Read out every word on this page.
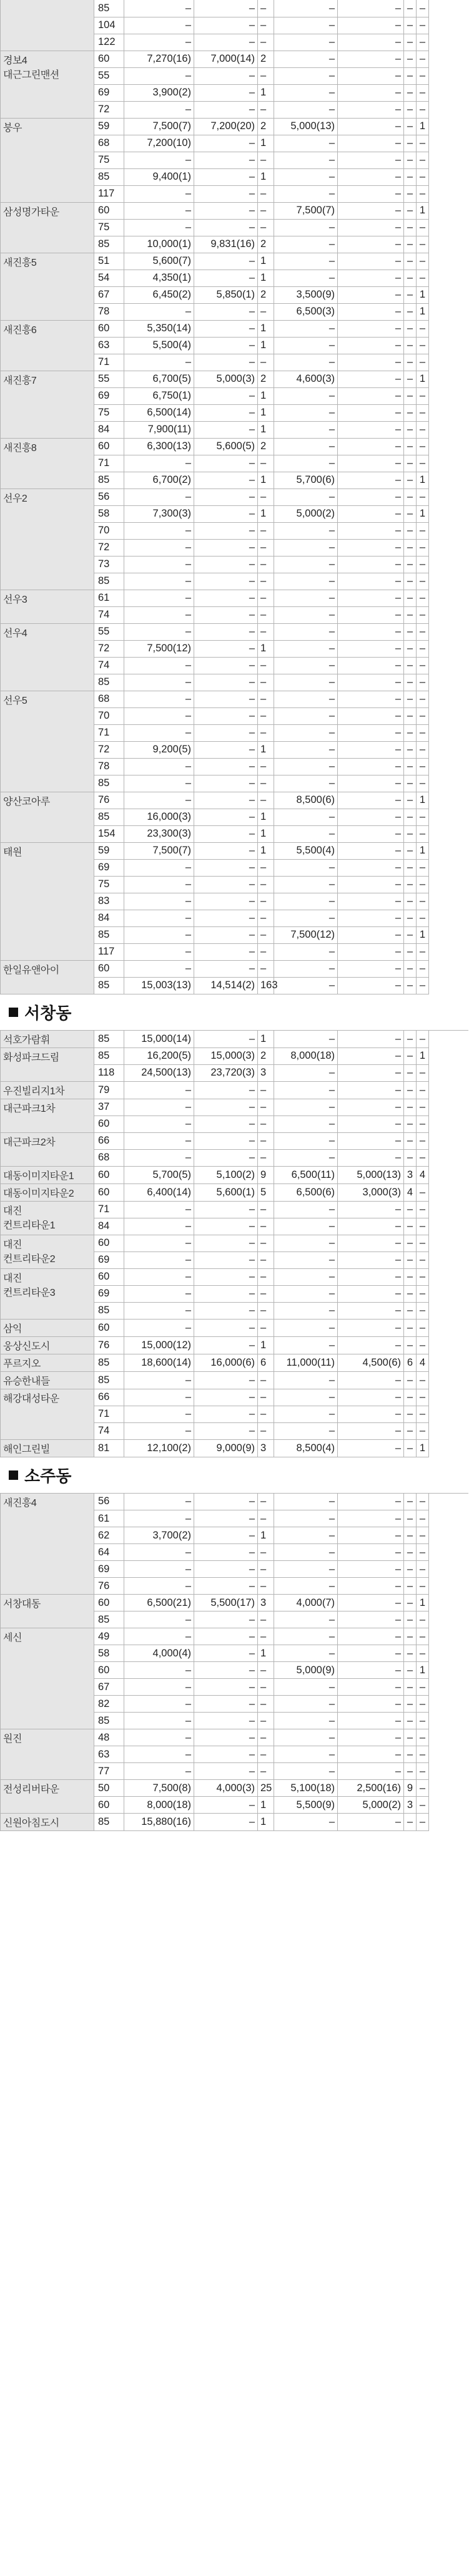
	85	–	–	–	–	–	–	–	
	104	–	–	–	–	–	–	–	
	122	–	–	–	–	–	–	–	

경보4
대근그린맨션	60	7,270(16)	7,000(14)	2	–	–	–	–	
	55	–	–	–	–	–	–	–	
	69	3,900(2)	–	1	–	–	–	–	
	72	–	–	–	–	–	–	–	

붕우	59	7,500(7)	7,200(20)	2	5,000(13)	–	–	1	
	68	7,200(10)	–	1	–	–	–	–	
	75	–	–	–	–	–	–	–	
	85	9,400(1)	–	1	–	–	–	–	
	117	–	–	–	–	–	–	–	

삼성명가타운	60	–	–	–	7,500(7)	–	–	1	
	75	–	–	–	–	–	–	–	
	85	10,000(1)	9,831(16)	2	–	–	–	–	

새진흥5	51	5,600(7)	–	1	–	–	–	–	
	54	4,350(1)	–	1	–	–	–	–	
	67	6,450(2)	5,850(1)	2	3,500(9)	–	–	1	
	78	–	–	–	6,500(3)	–	–	1	

새진흥6	60	5,350(14)	–	1	–	–	–	–	
	63	5,500(4)	–	1	–	–	–	–	
	71	–	–	–	–	–	–	–	

새진흥7	55	6,700(5)	5,000(3)	2	4,600(3)	–	–	1	
	69	6,750(1)	–	1	–	–	–	–	
	75	6,500(14)	–	1	–	–	–	–	
	84	7,900(11)	–	1	–	–	–	–	

새진흥8	60	6,300(13)	5,600(5)	2	–	–	–	–	
	71	–	–	–	–	–	–	–	
	85	6,700(2)	–	1	5,700(6)	–	–	1	

선우2	56	–	–	–	–	–	–	–	
	58	7,300(3)	–	1	5,000(2)	–	–	1	
	70	–	–	–	–	–	–	–	
	72	–	–	–	–	–	–	–	
	73	–	–	–	–	–	–	–	
	85	–	–	–	–	–	–	–	

선우3	61	–	–	–	–	–	–	–	
	74	–	–	–	–	–	–	–	

선우4	55	–	–	–	–	–	–	–	
	72	7,500(12)	–	1	–	–	–	–	
	74	–	–	–	–	–	–	–	
	85	–	–	–	–	–	–	–	

선우5	68	–	–	–	–	–	–	–	
	70	–	–	–	–	–	–	–	
	71	–	–	–	–	–	–	–	
	72	9,200(5)	–	1	–	–	–	–	
	78	–	–	–	–	–	–	–	
	85	–	–	–	–	–	–	–	

양산코아루	76	–	–	–	8,500(6)	–	–	1	
	85	16,000(3)	–	1	–	–	–	–	
	154	23,300(3)	–	1	–	–	–	–	

태원	59	7,500(7)	–	1	5,500(4)	–	–	1	
	69	–	–	–	–	–	–	–	
	75	–	–	–	–	–	–	–	
	83	–	–	–	–	–	–	–	
	84	–	–	–	–	–	–	–	
	85	–	–	–	7,500(12)	–	–	1	
	117	–	–	–	–	–	–	–	

한일유앤아이	60	–	–	–	–	–	–	–	
	85	15,003(13)	14,514(2)	163	–	–	–	–	
서창동
석호가람휘	85	15,000(14)	–	1	–	–	–	–	

화성파크드림	85	16,200(5)	15,000(3)	2	8,000(18)	–	–	1	
	118	24,500(13)	23,720(3)	3	–	–	–	–	

우진빌리지1차	79	–	–	–	–	–	–	–	

대근파크1차	37	–	–	–	–	–	–	–	
	60	–	–	–	–	–	–	–	

대근파크2차	66	–	–	–	–	–	–	–	
	68	–	–	–	–	–	–	–	

대동이미지타운1	60	5,700(5)	5,100(2)	9	6,500(11)	5,000(13)	3	4	

대동이미지타운2	60	6,400(14)	5,600(1)	5	6,500(6)	3,000(3)	4	–	

대진
컨트리타운1	71	–	–	–	–	–	–	–	
	84	–	–	–	–	–	–	–	

대진
컨트리타운2	60	–	–	–	–	–	–	–	
	69	–	–	–	–	–	–	–	

대진
컨트리타운3	60	–	–	–	–	–	–	–	
	69	–	–	–	–	–	–	–	
	85	–	–	–	–	–	–	–	

삼익	60	–	–	–	–	–	–	–	

웅상신도시	76	15,000(12)	–	1	–	–	–	–	

푸르지오	85	18,600(14)	16,000(6)	6	11,000(11)	4,500(6)	6	4	

유승한내들	85	–	–	–	–	–	–	–	

해강대성타운	66	–	–	–	–	–	–	–	
	71	–	–	–	–	–	–	–	
	74	–	–	–	–	–	–	–	

해인그린빌	81	12,100(2)	9,000(9)	3	8,500(4)	–	–	1	
소주동
새진흥4	56	–	–	–	–	–	–	–	
	61	–	–	–	–	–	–	–	
	62	3,700(2)	–	1	–	–	–	–	
	64	–	–	–	–	–	–	–	
	69	–	–	–	–	–	–	–	
	76	–	–	–	–	–	–	–	

서창대동	60	6,500(21)	5,500(17)	3	4,000(7)	–	–	1	
	85	–	–	–	–	–	–	–	

세신	49	–	–	–	–	–	–	–	
	58	4,000(4)	–	1	–	–	–	–	
	60	–	–	–	5,000(9)	–	–	1	
	67	–	–	–	–	–	–	–	
	82	–	–	–	–	–	–	–	
	85	–	–	–	–	–	–	–	

원진	48	–	–	–	–	–	–	–	
	63	–	–	–	–	–	–	–	
	77	–	–	–	–	–	–	–	

전성리버타운	50	7,500(8)	4,000(3)	25	5,100(18)	2,500(16)	9	–	
	60	8,000(18)	–	1	5,500(9)	5,000(2)	3	–	

신원아침도시	85	15,880(16)	–	1	–	–	–	–	
